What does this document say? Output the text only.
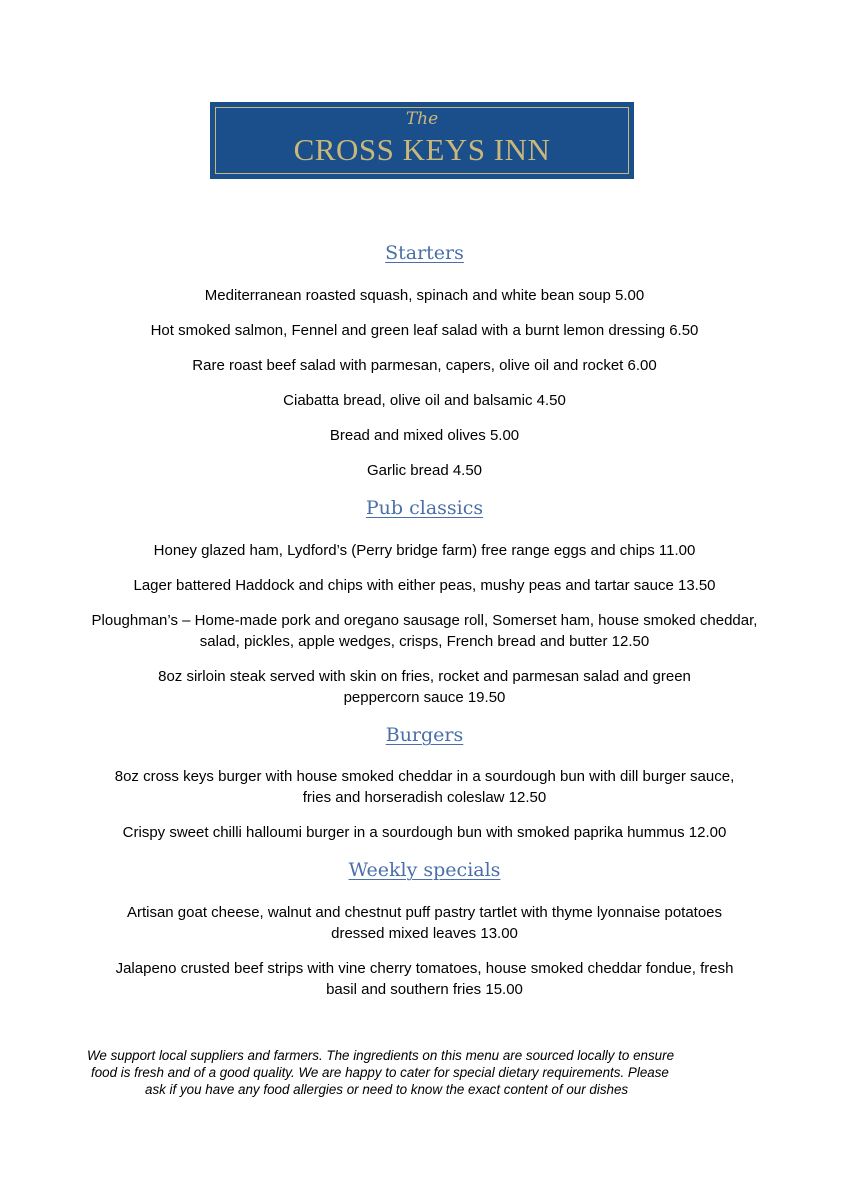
The
CROSS KEYS INN
Starters
Mediterranean roasted squash, spinach and white bean soup 5.00
Hot smoked salmon, Fennel and green leaf salad with a burnt lemon dressing 6.50
Rare roast beef salad with parmesan, capers, olive oil and rocket 6.00
Ciabatta bread, olive oil and balsamic 4.50
Bread and mixed olives 5.00
Garlic bread 4.50
Pub classics
Honey glazed ham, Lydford’s (Perry bridge farm) free range eggs and chips 11.00
Lager battered Haddock and chips with either peas, mushy peas and tartar sauce 13.50
Ploughman’s – Home-made pork and oregano sausage roll, Somerset ham, house smoked cheddar, salad, pickles, apple wedges, crisps, French bread and butter 12.50
8oz sirloin steak served with skin on fries, rocket and parmesan salad and green peppercorn sauce 19.50
Burgers
8oz cross keys burger with house smoked cheddar in a sourdough bun with dill burger sauce, fries and horseradish coleslaw 12.50
Crispy sweet chilli halloumi burger in a sourdough bun with smoked paprika hummus 12.00
Weekly specials
Artisan goat cheese, walnut and chestnut puff pastry tartlet with thyme lyonnaise potatoes dressed mixed leaves 13.00
Jalapeno crusted beef strips with vine cherry tomatoes, house smoked cheddar fondue, fresh basil and southern fries 15.00
We support local suppliers and farmers. The ingredients on this menu are sourced locally to ensure
food is fresh and of a good quality. We are happy to cater for special dietary requirements. Please
ask if you have any food allergies or need to know the exact content of our dishes
